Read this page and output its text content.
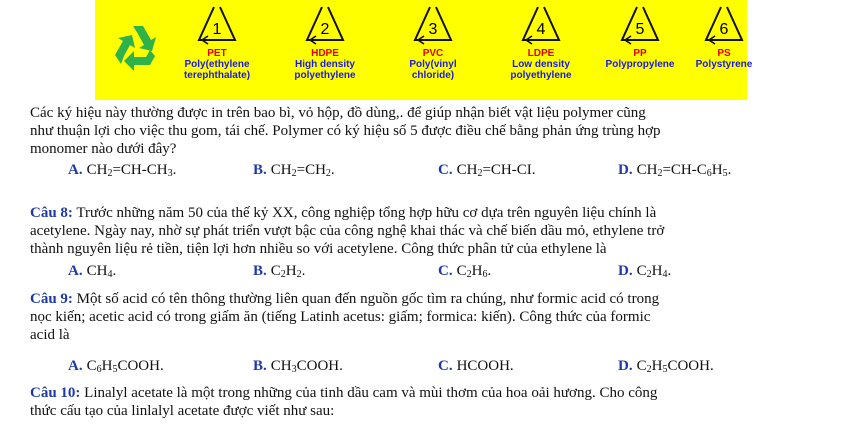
1
PET
Poly(ethylene
terephthalate)
2
HDPE
High density
polyethylene
3
PVC
Poly(vinyl
chloride)
4
LDPE
Low density
polyethylene
5
PP
Polypropylene
6
PS
Polystyrene
Các ký hiệu này thường được in trên bao bì, vỏ hộp, đồ dùng,. để giúp nhận biết vật liệu polymer cũng
như thuận lợi cho việc thu gom, tái chế. Polymer có ký hiệu số 5 được điều chế bằng phản ứng trùng hợp
monomer nào dưới đây?
A. $CH_2=CH-CH_3$.	B. $CH_2=CH_2$.	C. $CH_2=CH-CI$.	D. $CH_2=CH-C_6H_5$.
Câu 8: Trước những năm 50 của thế kỷ XX, công nghiệp tổng hợp hữu cơ dựa trên nguyên liệu chính là
acetylene. Ngày nay, nhờ sự phát triển vượt bậc của công nghệ khai thác và chế biến dầu mỏ, ethylene trở
thành nguyên liệu rẻ tiền, tiện lợi hơn nhiều so với acetylene. Công thức phân tử của ethylene là
A. $CH_4$.	B. $C_2H_2$.	C. $C_2H_6$.	D. $C_2H_4$.
Câu 9: Một số acid có tên thông thường liên quan đến nguồn gốc tìm ra chúng, như formic acid có trong
nọc kiến; acetic acid có trong giấm ăn (tiếng Latinh acetus: giấm; formica: kiến). Công thức của formic
acid là
A. $C_6H_5COOH$.	B. $CH_3COOH$.	C. HCOOH.	D. $C_2H_5COOH$.
Câu 10: Linalyl acetate là một trong những của tinh dầu cam và mùi thơm của hoa oải hương. Cho công
thức cấu tạo của linlalyl acetate được viết như sau:
